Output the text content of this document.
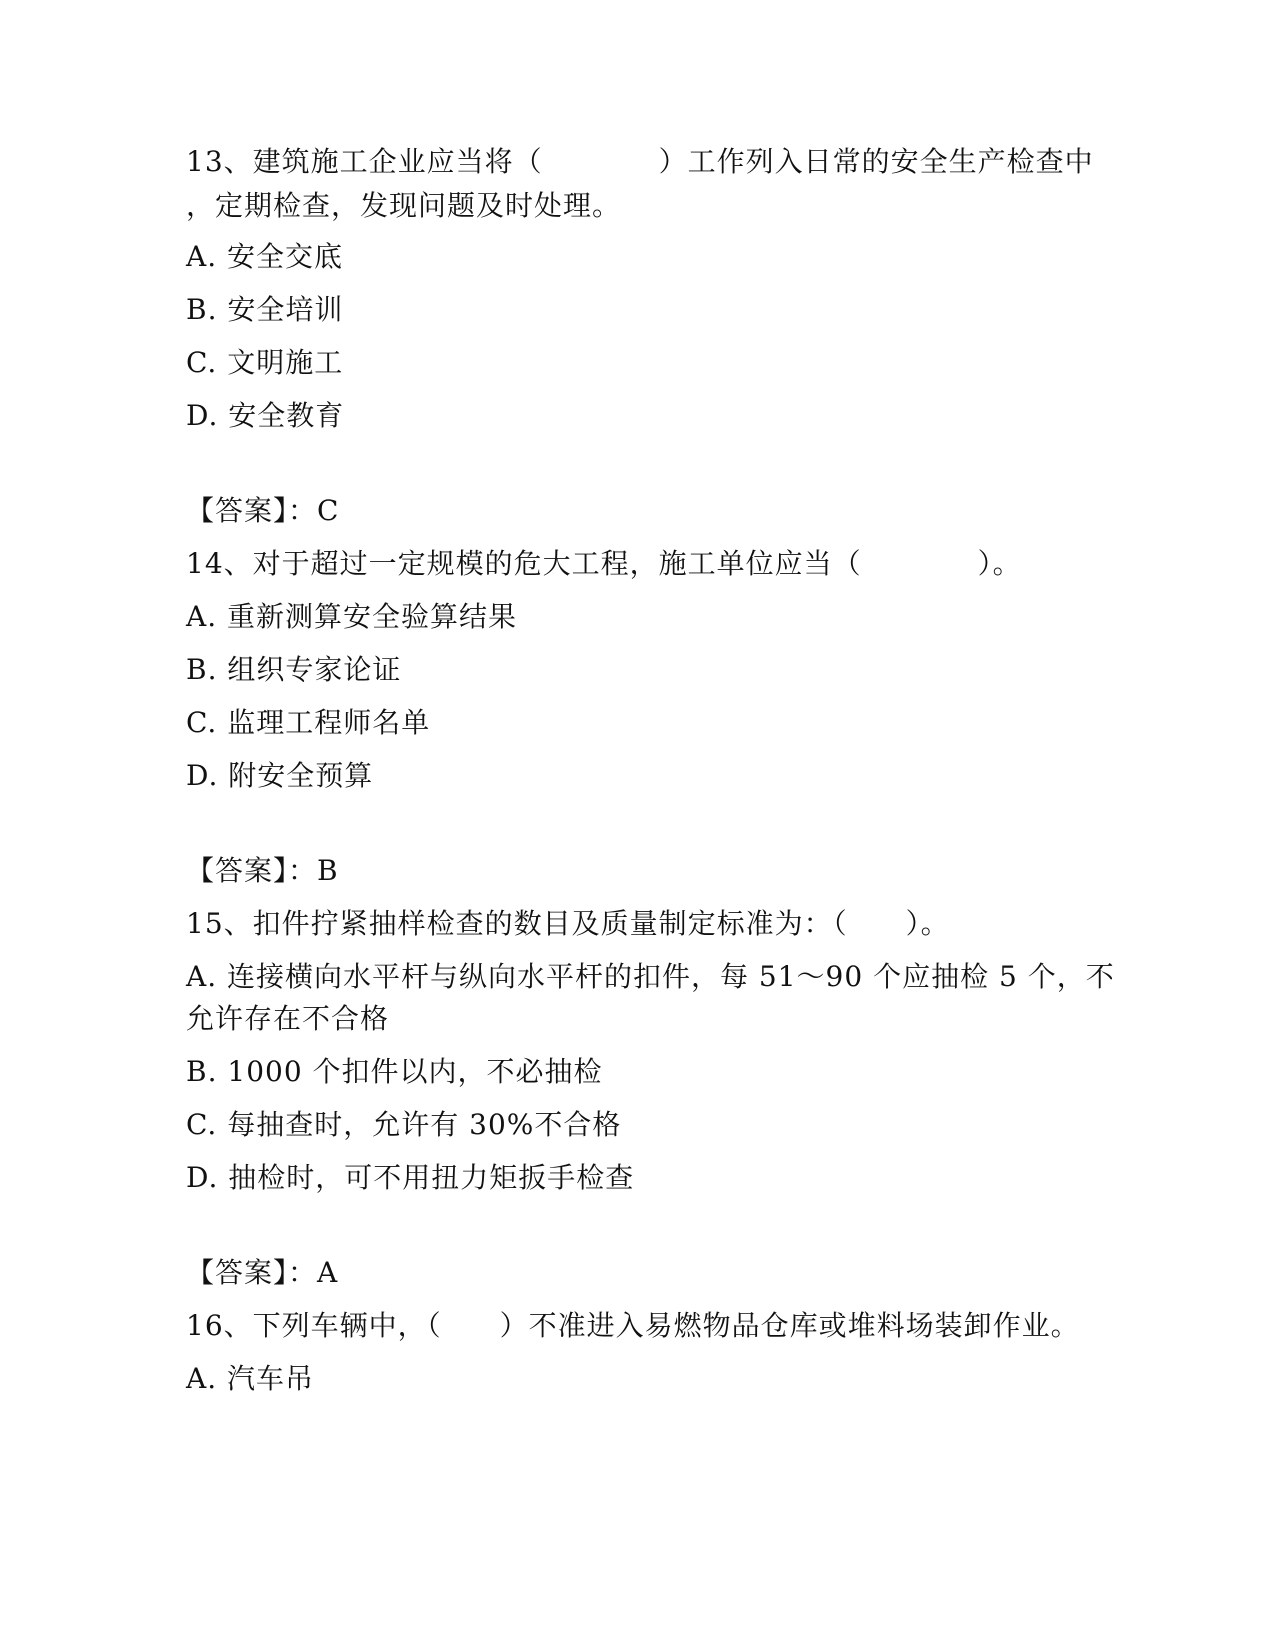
13、建筑施工企业应当将（　　　　）工作列入日常的安全生产检查中
，定期检查，发现问题及时处理。
A. 安全交底
B. 安全培训
C. 文明施工
D. 安全教育
【答案】：C
14、对于超过一定规模的危大工程，施工单位应当（　　　　）。
A. 重新测算安全验算结果
B. 组织专家论证
C. 监理工程师名单
D. 附安全预算
【答案】：B
15、扣件拧紧抽样检查的数目及质量制定标准为：（　　）。
A. 连接横向水平杆与纵向水平杆的扣件，每 51～90 个应抽检 5 个，不
允许存在不合格
B. 1000 个扣件以内，不必抽检
C. 每抽查时，允许有 30%不合格
D. 抽检时，可不用扭力矩扳手检查
【答案】：A
16、下列车辆中，（　　）不准进入易燃物品仓库或堆料场装卸作业。
A. 汽车吊
